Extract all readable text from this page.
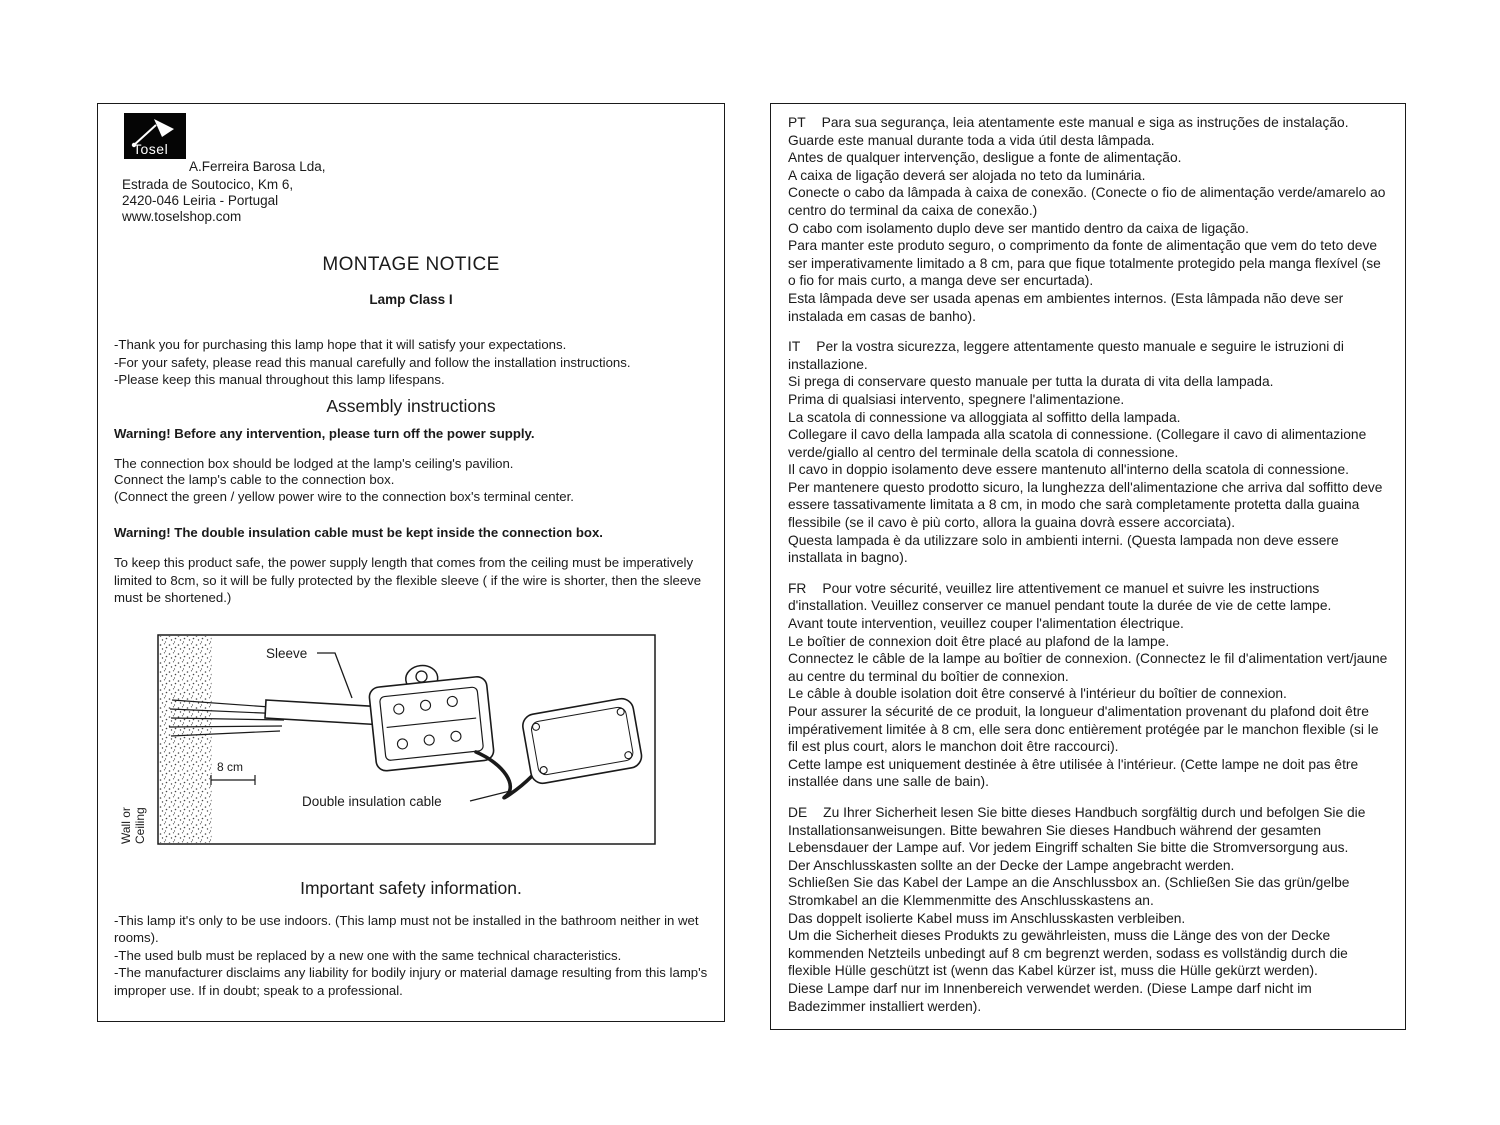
Tosel
A.Ferreira Barosa Lda,
Estrada de Soutocico, Km 6,
2420-046 Leiria - Portugal
www.toselshop.com
MONTAGE NOTICE
Lamp Class I
-Thank you for purchasing this lamp hope that it will satisfy your expectations.
-For your safety, please read this manual carefully and follow the installation instructions.
-Please keep this manual throughout this lamp lifespans.
Assembly instructions
Warning! Before any intervention, please turn off the power supply.
The connection box should be lodged at the lamp's ceiling's pavilion.
Connect the lamp's cable to the connection box.
(Connect the green / yellow power wire to the connection box's terminal center.
Warning! The double insulation cable must be kept inside the connection box.
To keep this product safe, the power supply length that comes from the ceiling must be imperatively limited to 8cm, so it will be fully protected by the flexible sleeve ( if the wire is shorter, then the sleeve must be shortened.)
Wall or Ceiling
Sleeve
8 cm
Double insulation cable
Important safety information.
-This lamp it's only to be use indoors. (This lamp must not be installed in the bathroom neither in wet rooms).
-The used bulb must be replaced by a new one with the same technical characteristics.
-The manufacturer disclaims any liability for bodily injury or material damage resulting from this lamp's improper use. If in doubt; speak to a professional.
PT Para sua segurança, leia atentamente este manual e siga as instruções de instalação.
Guarde este manual durante toda a vida útil desta lâmpada.
Antes de qualquer intervenção, desligue a fonte de alimentação.
A caixa de ligação deverá ser alojada no teto da luminária.
Conecte o cabo da lâmpada à caixa de conexão. (Conecte o fio de alimentação verde/amarelo ao centro do terminal da caixa de conexão.)
O cabo com isolamento duplo deve ser mantido dentro da caixa de ligação.
Para manter este produto seguro, o comprimento da fonte de alimentação que vem do teto deve ser imperativamente limitado a 8 cm, para que fique totalmente protegido pela manga flexível (se o fio for mais curto, a manga deve ser encurtada).
Esta lâmpada deve ser usada apenas em ambientes internos. (Esta lâmpada não deve ser instalada em casas de banho).
IT Per la vostra sicurezza, leggere attentamente questo manuale e seguire le istruzioni di installazione.
Si prega di conservare questo manuale per tutta la durata di vita della lampada.
Prima di qualsiasi intervento, spegnere l'alimentazione.
La scatola di connessione va alloggiata al soffitto della lampada.
Collegare il cavo della lampada alla scatola di connessione. (Collegare il cavo di alimentazione verde/giallo al centro del terminale della scatola di connessione.
Il cavo in doppio isolamento deve essere mantenuto all'interno della scatola di connessione.
Per mantenere questo prodotto sicuro, la lunghezza dell'alimentazione che arriva dal soffitto deve essere tassativamente limitata a 8 cm, in modo che sarà completamente protetta dalla guaina flessibile (se il cavo è più corto, allora la guaina dovrà essere accorciata).
Questa lampada è da utilizzare solo in ambienti interni. (Questa lampada non deve essere installata in bagno).
FR Pour votre sécurité, veuillez lire attentivement ce manuel et suivre les instructions d'installation. Veuillez conserver ce manuel pendant toute la durée de vie de cette lampe.
Avant toute intervention, veuillez couper l'alimentation électrique.
Le boîtier de connexion doit être placé au plafond de la lampe.
Connectez le câble de la lampe au boîtier de connexion. (Connectez le fil d'alimentation vert/jaune au centre du terminal du boîtier de connexion.
Le câble à double isolation doit être conservé à l'intérieur du boîtier de connexion.
Pour assurer la sécurité de ce produit, la longueur d'alimentation provenant du plafond doit être impérativement limitée à 8 cm, elle sera donc entièrement protégée par le manchon flexible (si le fil est plus court, alors le manchon doit être raccourci).
Cette lampe est uniquement destinée à être utilisée à l'intérieur. (Cette lampe ne doit pas être installée dans une salle de bain).
DE Zu Ihrer Sicherheit lesen Sie bitte dieses Handbuch sorgfältig durch und befolgen Sie die Installationsanweisungen. Bitte bewahren Sie dieses Handbuch während der gesamten Lebensdauer der Lampe auf. Vor jedem Eingriff schalten Sie bitte die Stromversorgung aus.
Der Anschlusskasten sollte an der Decke der Lampe angebracht werden.
Schließen Sie das Kabel der Lampe an die Anschlussbox an. (Schließen Sie das grün/gelbe Stromkabel an die Klemmenmitte des Anschlusskastens an.
Das doppelt isolierte Kabel muss im Anschlusskasten verbleiben.
Um die Sicherheit dieses Produkts zu gewährleisten, muss die Länge des von der Decke kommenden Netzteils unbedingt auf 8 cm begrenzt werden, sodass es vollständig durch die flexible Hülle geschützt ist (wenn das Kabel kürzer ist, muss die Hülle gekürzt werden).
Diese Lampe darf nur im Innenbereich verwendet werden. (Diese Lampe darf nicht im Badezimmer installiert werden).
